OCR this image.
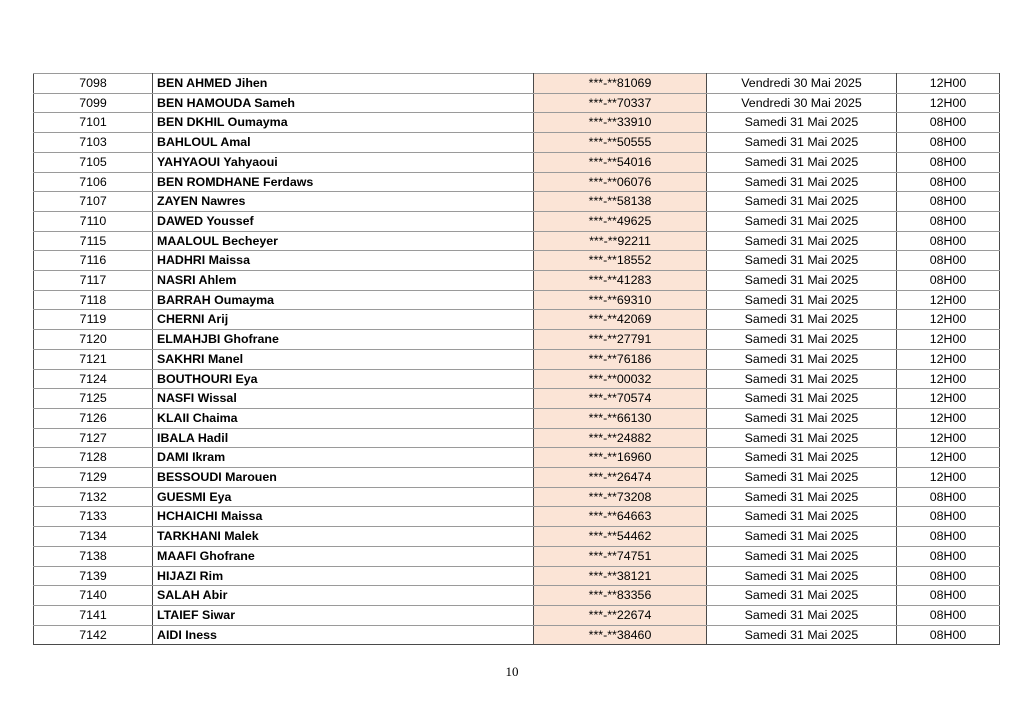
7098	BEN AHMED Jihen	***-**81069	Vendredi 30 Mai 2025	12H00
7099	BEN HAMOUDA Sameh	***-**70337	Vendredi 30 Mai 2025	12H00
7101	BEN DKHIL Oumayma	***-**33910	Samedi 31 Mai 2025	08H00
7103	BAHLOUL Amal	***-**50555	Samedi 31 Mai 2025	08H00
7105	YAHYAOUI Yahyaoui	***-**54016	Samedi 31 Mai 2025	08H00
7106	BEN ROMDHANE Ferdaws	***-**06076	Samedi 31 Mai 2025	08H00
7107	ZAYEN Nawres	***-**58138	Samedi 31 Mai 2025	08H00
7110	DAWED Youssef	***-**49625	Samedi 31 Mai 2025	08H00
7115	MAALOUL Becheyer	***-**92211	Samedi 31 Mai 2025	08H00
7116	HADHRI Maissa	***-**18552	Samedi 31 Mai 2025	08H00
7117	NASRI Ahlem	***-**41283	Samedi 31 Mai 2025	08H00
7118	BARRAH Oumayma	***-**69310	Samedi 31 Mai 2025	12H00
7119	CHERNI Arij	***-**42069	Samedi 31 Mai 2025	12H00
7120	ELMAHJBI Ghofrane	***-**27791	Samedi 31 Mai 2025	12H00
7121	SAKHRI Manel	***-**76186	Samedi 31 Mai 2025	12H00
7124	BOUTHOURI Eya	***-**00032	Samedi 31 Mai 2025	12H00
7125	NASFI Wissal	***-**70574	Samedi 31 Mai 2025	12H00
7126	KLAII Chaima	***-**66130	Samedi 31 Mai 2025	12H00
7127	IBALA Hadil	***-**24882	Samedi 31 Mai 2025	12H00
7128	DAMI Ikram	***-**16960	Samedi 31 Mai 2025	12H00
7129	BESSOUDI Marouen	***-**26474	Samedi 31 Mai 2025	12H00
7132	GUESMI Eya	***-**73208	Samedi 31 Mai 2025	08H00
7133	HCHAICHI Maissa	***-**64663	Samedi 31 Mai 2025	08H00
7134	TARKHANI Malek	***-**54462	Samedi 31 Mai 2025	08H00
7138	MAAFI Ghofrane	***-**74751	Samedi 31 Mai 2025	08H00
7139	HIJAZI Rim	***-**38121	Samedi 31 Mai 2025	08H00
7140	SALAH Abir	***-**83356	Samedi 31 Mai 2025	08H00
7141	LTAIEF Siwar	***-**22674	Samedi 31 Mai 2025	08H00
7142	AIDI Iness	***-**38460	Samedi 31 Mai 2025	08H00
10
